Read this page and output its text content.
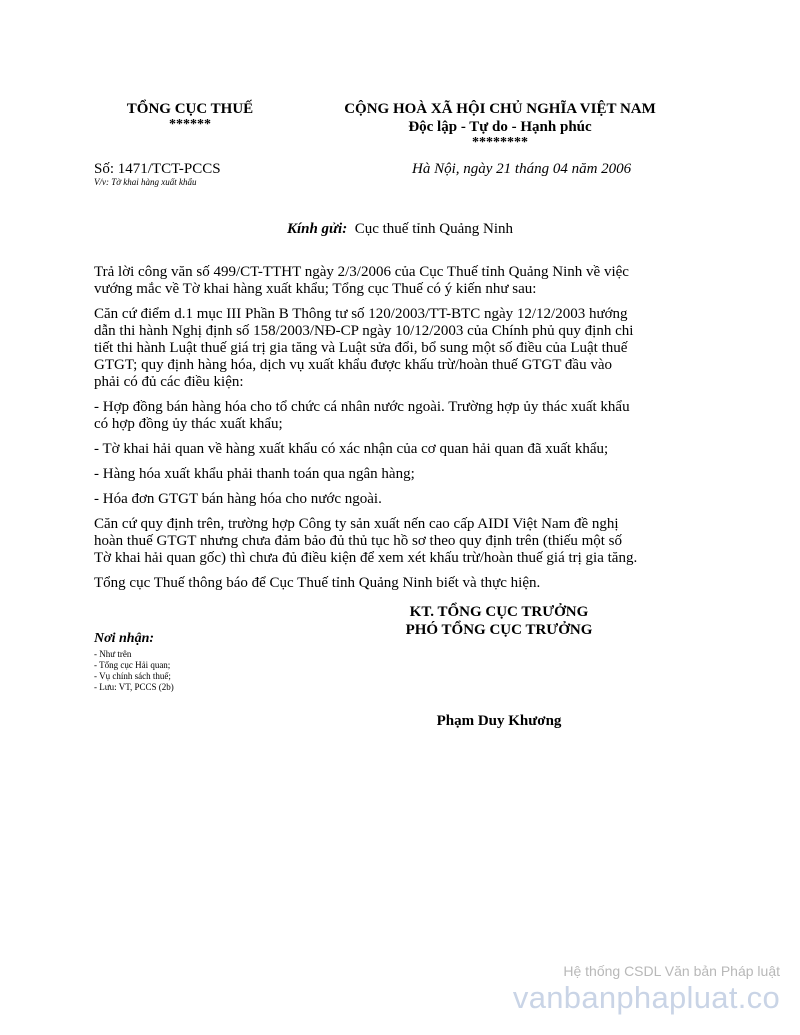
TỔNG CỤC THUẾ
******
CỘNG HOÀ XÃ HỘI CHỦ NGHĨA VIỆT NAM
Độc lập - Tự do - Hạnh phúc
********
Số: 1471/TCT-PCCS
V/v: Tờ khai hàng xuất khẩu
Hà Nội, ngày 21 tháng 04 năm 2006
Kính gửi: Cục thuế tỉnh Quảng Ninh

Trả lời công văn số 499/CT-TTHT ngày 2/3/2006 của Cục Thuế tỉnh Quảng Ninh về việc vướng mắc về Tờ khai hàng xuất khẩu; Tổng cục Thuế có ý kiến như sau:

Căn cứ điểm d.1 mục III Phần B Thông tư số 120/2003/TT-BTC ngày 12/12/2003 hướng dẫn thi hành Nghị định số 158/2003/NĐ-CP ngày 10/12/2003 của Chính phủ quy định chi tiết thi hành Luật thuế giá trị gia tăng và Luật sửa đổi, bổ sung một số điều của Luật thuế GTGT; quy định hàng hóa, dịch vụ xuất khẩu được khấu trừ/hoàn thuế GTGT đầu vào phải có đủ các điều kiện:

- Hợp đồng bán hàng hóa cho tổ chức cá nhân nước ngoài. Trường hợp ủy thác xuất khẩu có hợp đồng ủy thác xuất khẩu;

- Tờ khai hải quan về hàng xuất khẩu có xác nhận của cơ quan hải quan đã xuất khẩu;

- Hàng hóa xuất khẩu phải thanh toán qua ngân hàng;

- Hóa đơn GTGT bán hàng hóa cho nước ngoài.

Căn cứ quy định trên, trường hợp Công ty sản xuất nến cao cấp AIDI Việt Nam đề nghị hoàn thuế GTGT nhưng chưa đảm bảo đủ thủ tục hồ sơ theo quy định trên (thiếu một số Tờ khai hải quan gốc) thì chưa đủ điều kiện để xem xét khấu trừ/hoàn thuế giá trị gia tăng.

Tổng cục Thuế thông báo để Cục Thuế tỉnh Quảng Ninh biết và thực hiện.

KT. TỔNG CỤC TRƯỞNG
PHÓ TỔNG CỤC TRƯỞNG
Phạm Duy Khương
Nơi nhận:
- Như trên
- Tổng cục Hải quan;
- Vụ chính sách thuế;
- Lưu: VT, PCCS (2b)
Hệ thống CSDL Văn bản Pháp luật
vanbanphapluat.co
